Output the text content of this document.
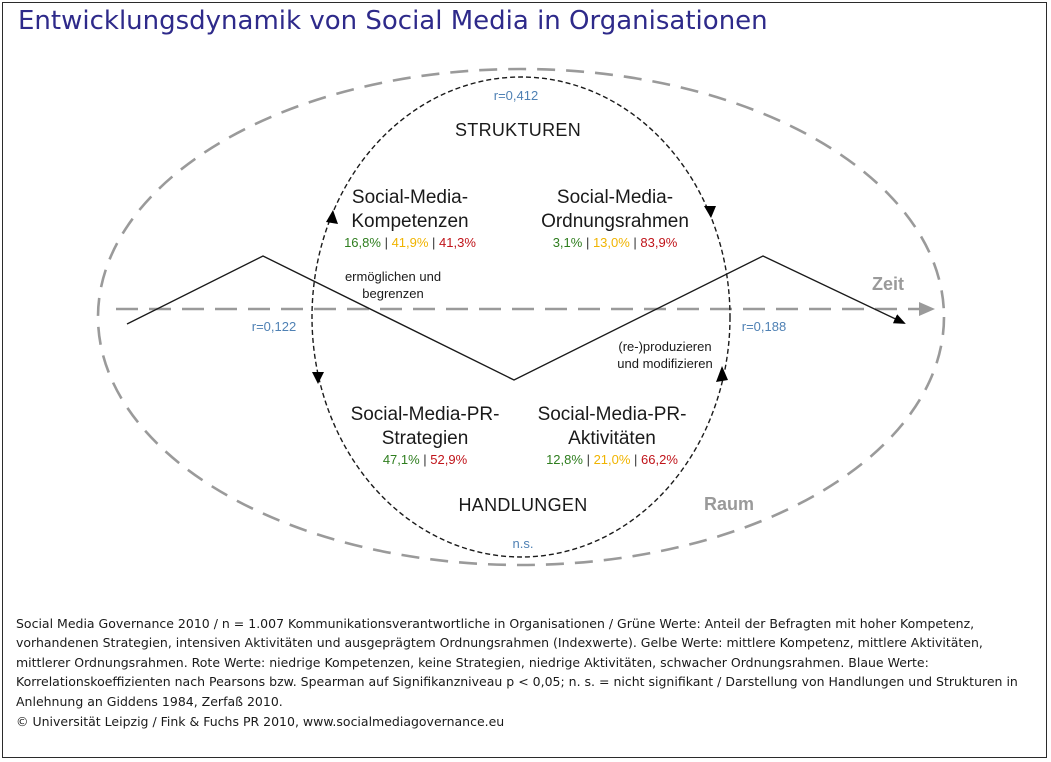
Entwicklungsdynamik von Social Media in Organisationen
r=0,412
r=0,122	r=0,188
n.s.
STRUKTUREN
HANDLUNGEN
Zeit
Raum
ermöglichen und
begrenzen
(re-)produzieren
und modifizieren
Social-Media-
Kompetenzen
16,8% | 41,9% | 41,3%
Social-Media-
Ordnungsrahmen
3,1% | 13,0% | 83,9%
Social-Media-PR-
Strategien
47,1% | 52,9%
Social-Media-PR-
Aktivitäten
12,8% | 21,0% | 66,2%
Social Media Governance 2010 / n = 1.007 Kommunikationsverantwortliche in Organisationen / Grüne Werte: Anteil der Befragten mit hoher Kompetenz, vorhandenen Strategien, intensiven Aktivitäten und ausgeprägtem Ordnungsrahmen (Indexwerte). Gelbe Werte: mittlere Kompetenz, mittlere Aktivitäten, mittlerer Ordnungsrahmen. Rote Werte: niedrige Kompetenzen, keine Strategien, niedrige Aktivitäten, schwacher Ordnungsrahmen. Blaue Werte: Korrelationskoeffizienten nach Pearsons bzw. Spearman auf Signifikanzniveau p < 0,05; n. s. = nicht signifikant / Darstellung von Handlungen und Strukturen in Anlehnung an Giddens 1984, Zerfaß 2010.
© Universität Leipzig / Fink & Fuchs PR 2010, www.socialmediagovernance.eu
